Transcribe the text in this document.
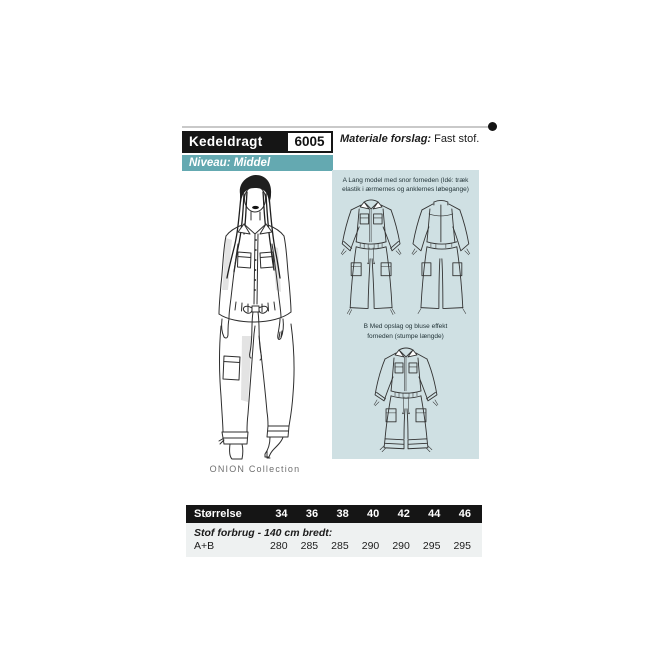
Kedeldragt	6005
Niveau: Middel
Materiale forslag: Fast stof.
ONION Collection
A Lang model med snor forneden (Idé: træk
elastik i ærmernes og anklernes løbegange)
B Med opslag og bluse effekt
forneden (stumpe længde)
Størrelse	34	36	38	40	42	44	46
Stof forbrug - 140 cm bredt:
A+B	280	285	285	290	290	295	295
